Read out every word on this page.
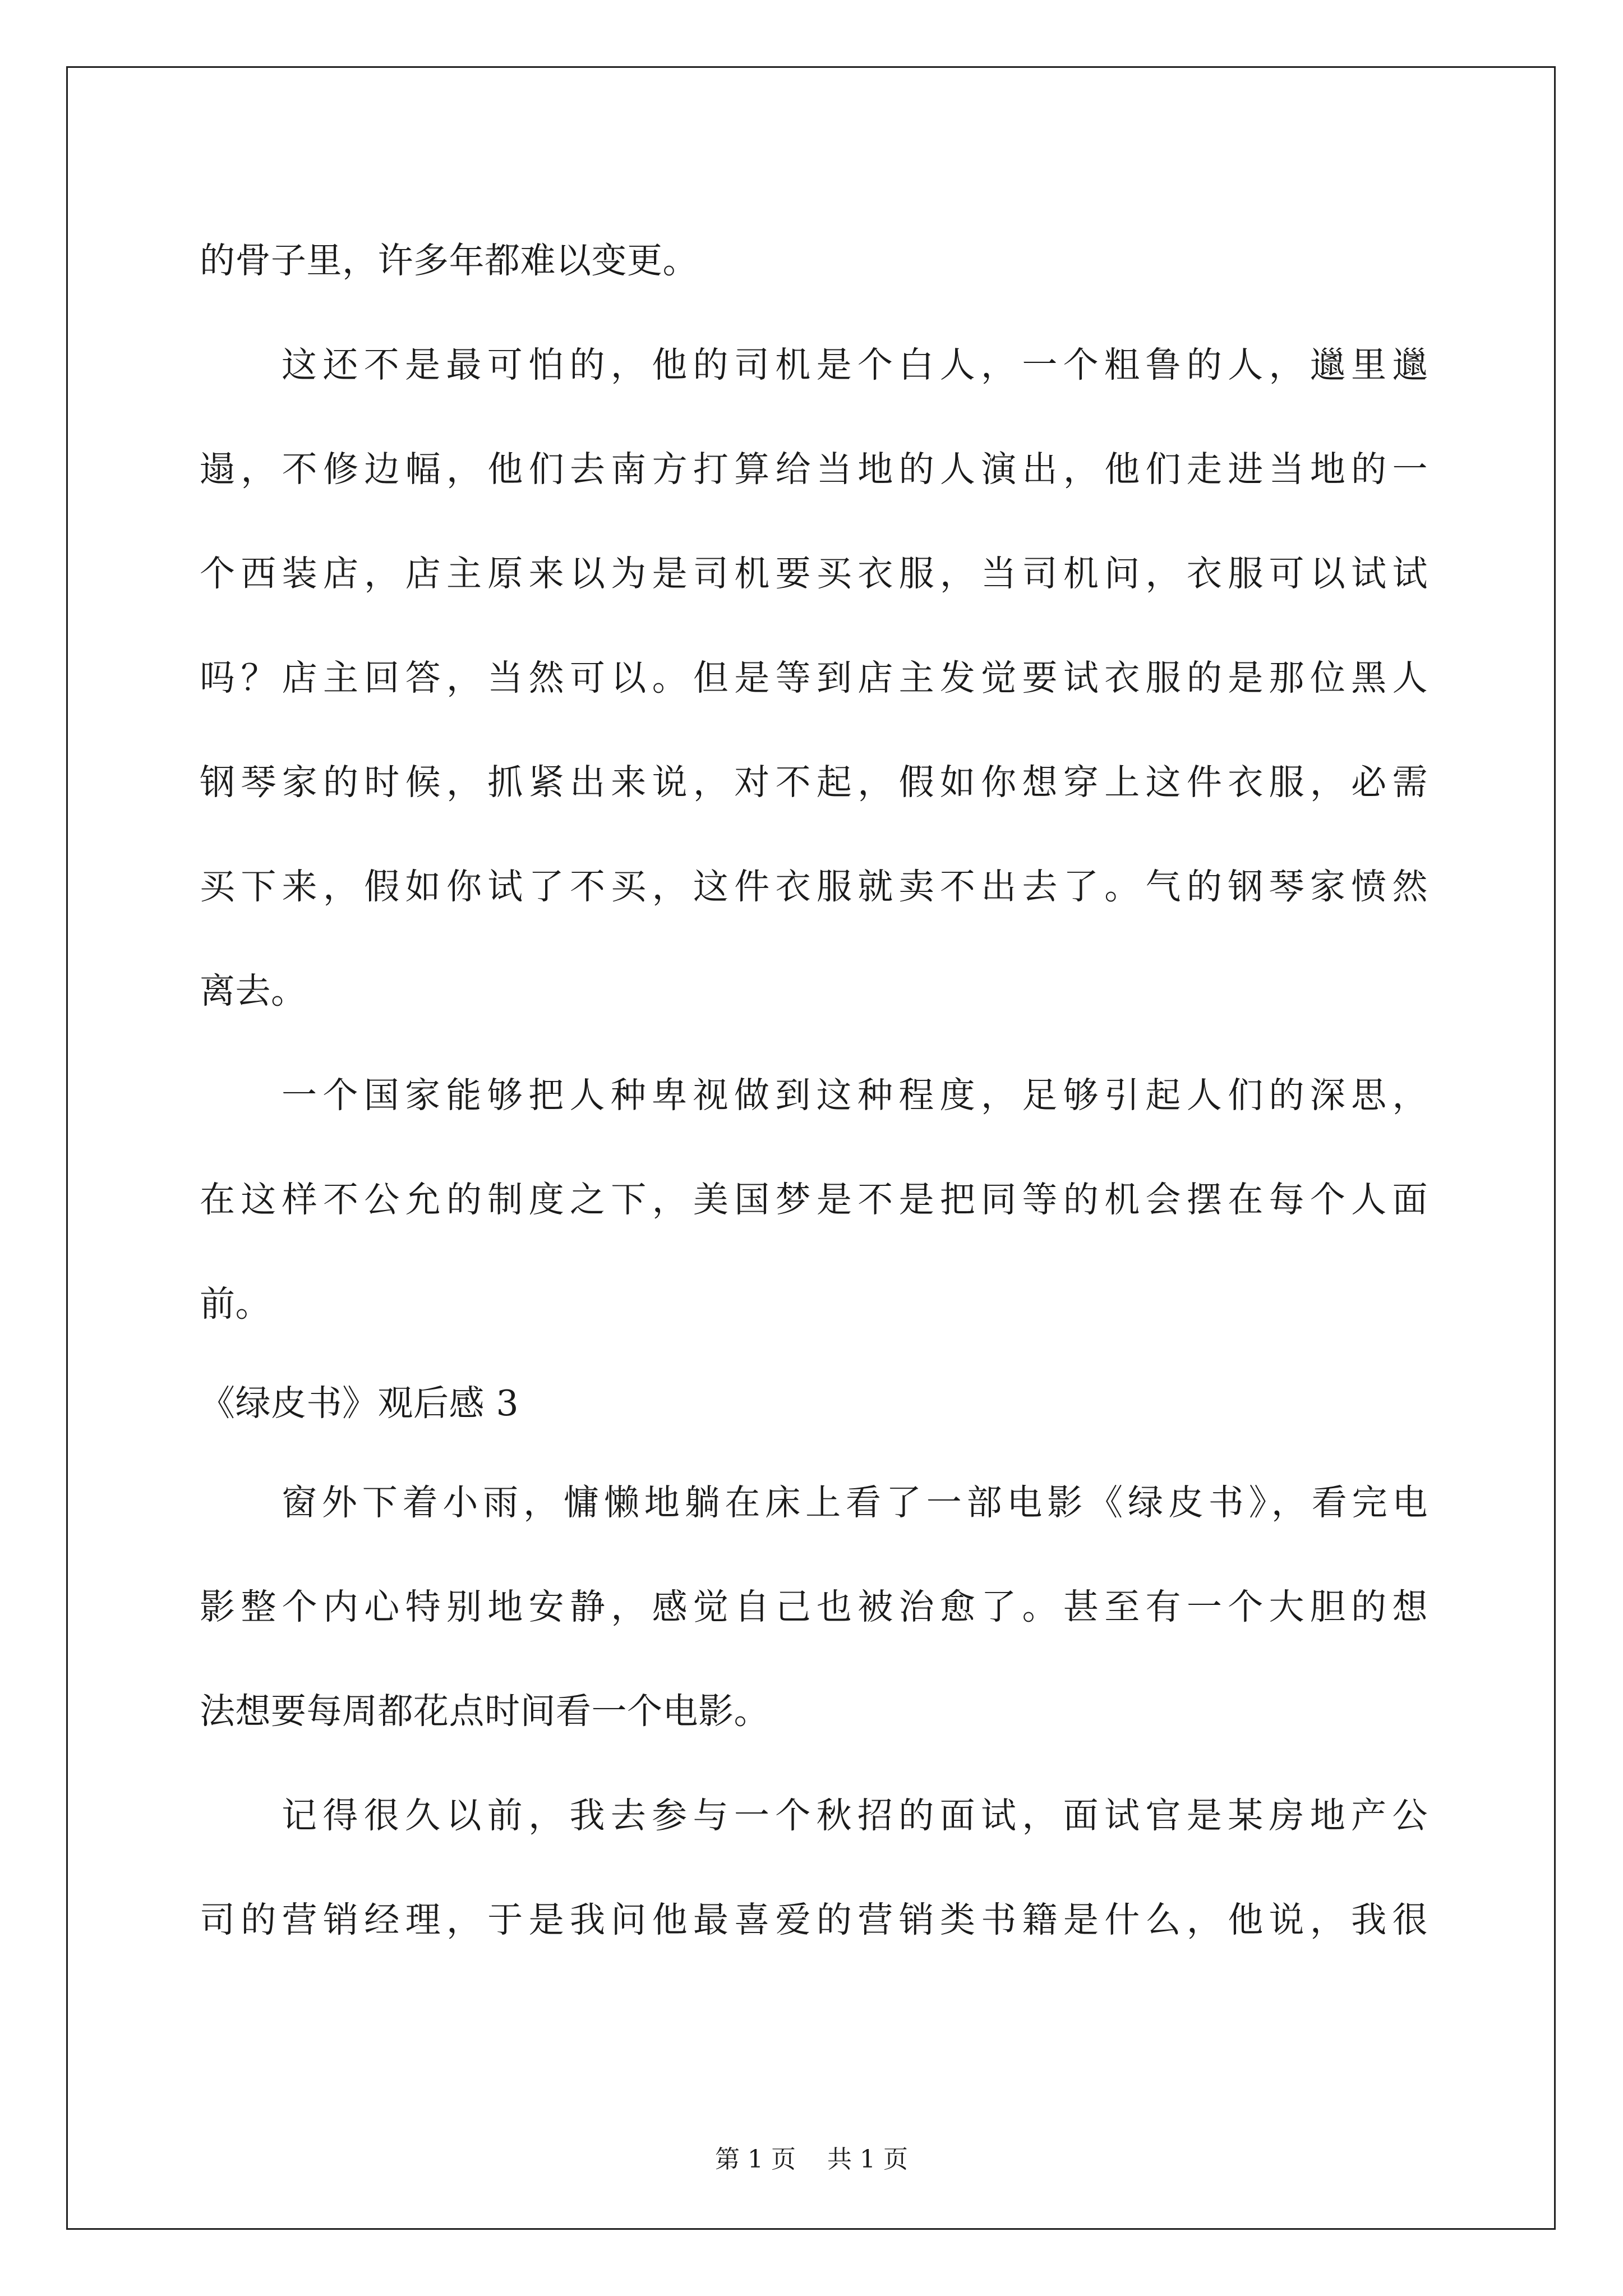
的骨子里，许多年都难以变更。
这还不是最可怕的，他的司机是个白人，一个粗鲁的人，邋里邋
遢，不修边幅，他们去南方打算给当地的人演出，他们走进当地的一
个西装店，店主原来以为是司机要买衣服，当司机问，衣服可以试试
吗？店主回答，当然可以。但是等到店主发觉要试衣服的是那位黑人
钢琴家的时候，抓紧出来说，对不起，假如你想穿上这件衣服，必需
买下来，假如你试了不买，这件衣服就卖不出去了。气的钢琴家愤然
离去。
一个国家能够把人种卑视做到这种程度，足够引起人们的深思，
在这样不公允的制度之下，美国梦是不是把同等的机会摆在每个人面
前。
《绿皮书》观后感 3
窗外下着小雨，慵懒地躺在床上看了一部电影《绿皮书》，看完电
影整个内心特别地安静，感觉自己也被治愈了。甚至有一个大胆的想
法想要每周都花点时间看一个电影。
记得很久以前，我去参与一个秋招的面试，面试官是某房地产公
司的营销经理，于是我问他最喜爱的营销类书籍是什么，他说，我很
第 1 页 共 1 页
